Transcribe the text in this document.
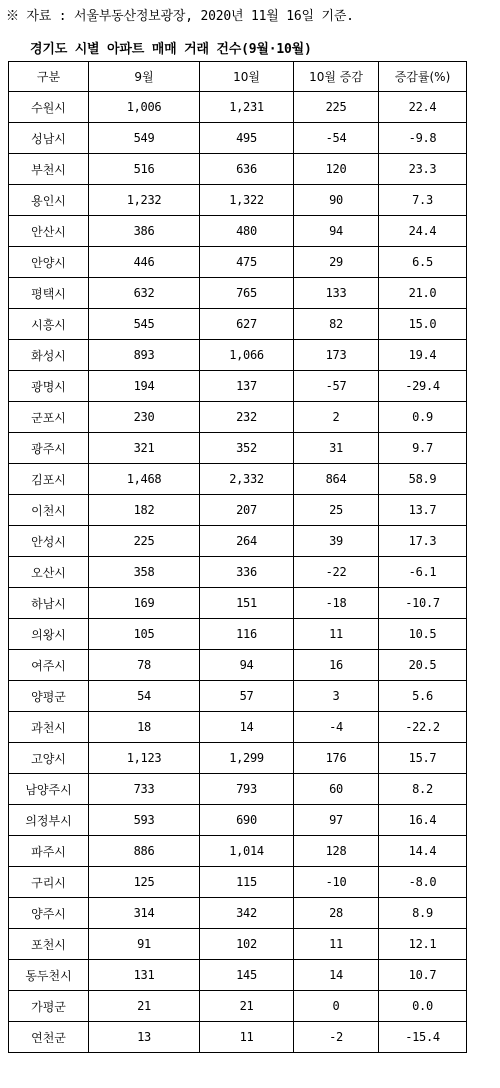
※ 자료 : 서울부동산정보광장, 2020년 11월 16일 기준.
경기도 시별 아파트 매매 거래 건수(9월·10월)
구분	9월	10월	10월 증감	증감률(%)
수원시	1,006	1,231	225	22.4
성남시	549	495	-54	-9.8
부천시	516	636	120	23.3
용인시	1,232	1,322	90	7.3
안산시	386	480	94	24.4
안양시	446	475	29	6.5
평택시	632	765	133	21.0
시흥시	545	627	82	15.0
화성시	893	1,066	173	19.4
광명시	194	137	-57	-29.4
군포시	230	232	2	0.9
광주시	321	352	31	9.7
김포시	1,468	2,332	864	58.9
이천시	182	207	25	13.7
안성시	225	264	39	17.3
오산시	358	336	-22	-6.1
하남시	169	151	-18	-10.7
의왕시	105	116	11	10.5
여주시	78	94	16	20.5
양평군	54	57	3	5.6
과천시	18	14	-4	-22.2
고양시	1,123	1,299	176	15.7
남양주시	733	793	60	8.2
의정부시	593	690	97	16.4
파주시	886	1,014	128	14.4
구리시	125	115	-10	-8.0
양주시	314	342	28	8.9
포천시	91	102	11	12.1
동두천시	131	145	14	10.7
가평군	21	21	0	0.0
연천군	13	11	-2	-15.4
